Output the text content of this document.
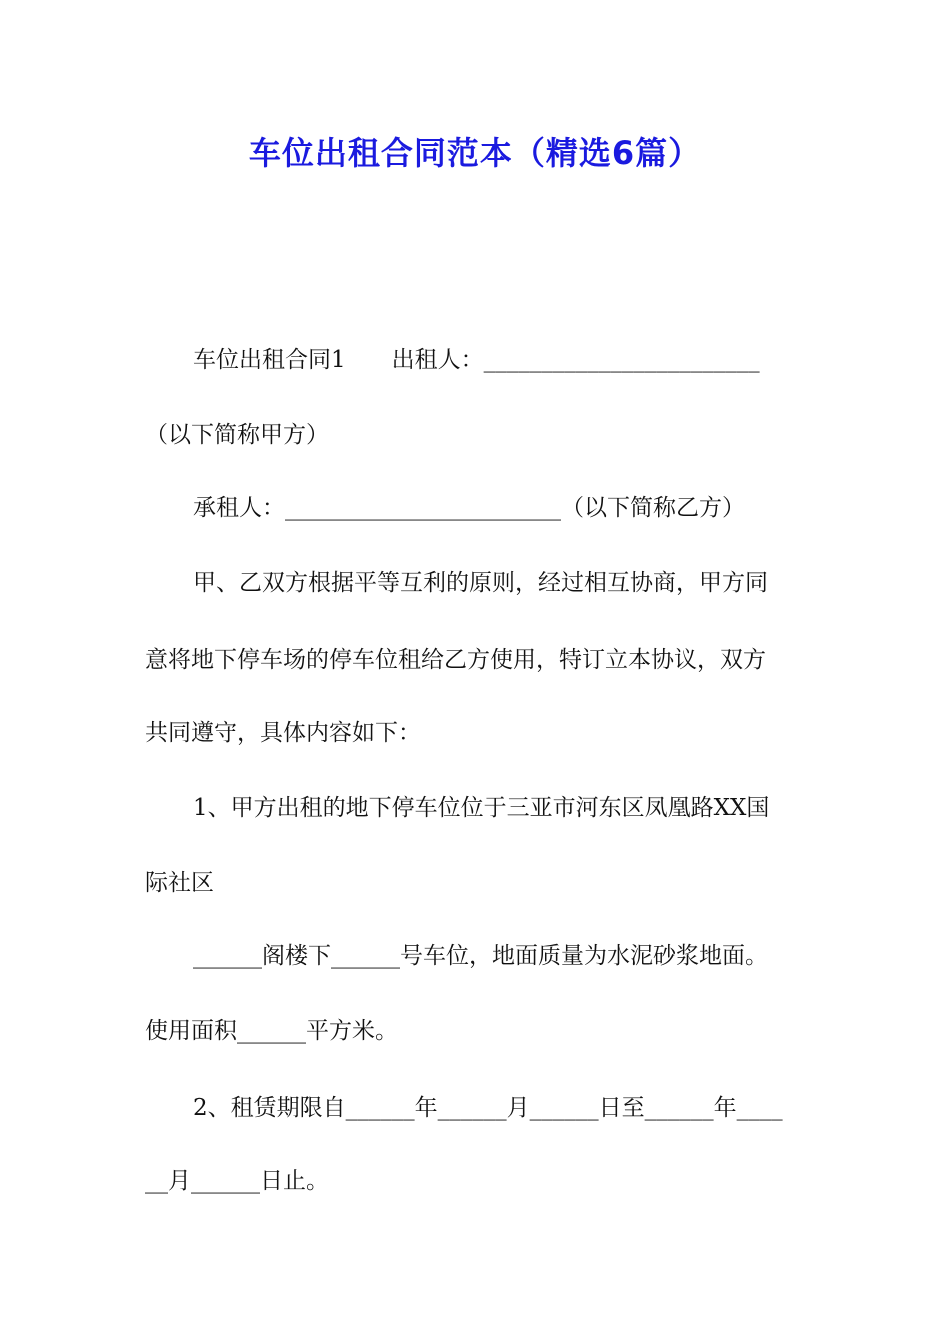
车位出租合同范本（精选6篇）
车位出租合同1　　出租人：________________________
（以下简称甲方）
承租人：________________________（以下简称乙方）
甲、乙双方根据平等互利的原则，经过相互协商，甲方同
意将地下停车场的停车位租给乙方使用，特订立本协议，双方
共同遵守，具体内容如下：
1、甲方出租的地下停车位位于三亚市河东区凤凰路XX国
际社区
______阁楼下______号车位，地面质量为水泥砂浆地面。
使用面积______平方米。
2、租赁期限自______年______月______日至______年____
__月______日止。
